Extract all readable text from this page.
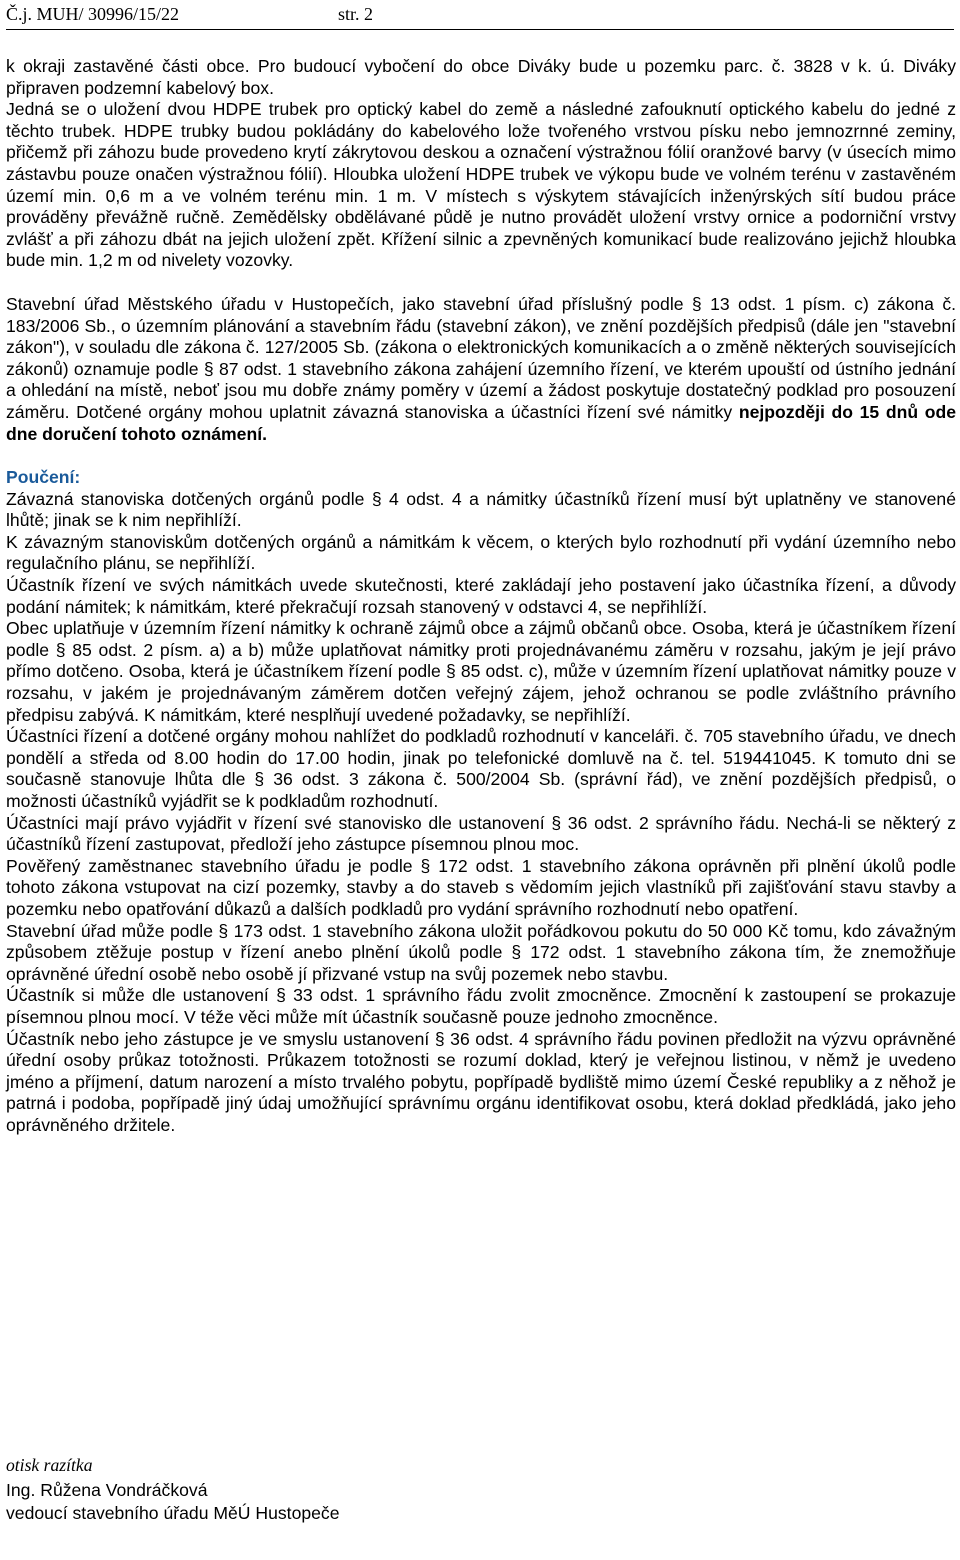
Č.j. MUH/ 30996/15/22	str. 2

k okraji zastavěné části obce. Pro budoucí vybočení do obce Diváky bude u pozemku parc. č. 3828 v k. ú. Diváky připraven podzemní kabelový box.

Jedná se o uložení dvou HDPE trubek pro optický kabel do země a následné zafouknutí optického kabelu do jedné z těchto trubek. HDPE trubky budou pokládány do kabelového lože tvořeného vrstvou písku nebo jemnozrnné zeminy, přičemž při záhozu bude provedeno krytí zákrytovou deskou a označení výstražnou fólií oranžové barvy (v úsecích mimo zástavbu pouze onačen výstražnou fólií). Hloubka uložení HDPE trubek ve výkopu bude ve volném terénu v zastavěném území min. 0,6 m a ve volném terénu min. 1 m. V místech s výskytem stávajících inženýrských sítí budou práce prováděny převážně ručně. Zemědělsky obdělávané půdě je nutno provádět uložení vrstvy ornice a podorniční vrstvy zvlášť a při záhozu dbát na jejich uložení zpět. Křížení silnic a zpevněných komunikací bude realizováno jejichž hloubka bude min. 1,2 m od nivelety vozovky.

Stavební úřad Městského úřadu v Hustopečích, jako stavební úřad příslušný podle § 13 odst. 1 písm. c) zákona č. 183/2006 Sb., o územním plánování a stavebním řádu (stavební zákon), ve znění pozdějších předpisů (dále jen "stavební zákon"), v souladu dle zákona č. 127/2005 Sb. (zákona o elektronických komunikacích a o změně některých souvisejících zákonů) oznamuje podle § 87 odst. 1 stavebního zákona zahájení územního řízení, ve kterém upouští od ústního jednání a ohledání na místě, neboť jsou mu dobře známy poměry v území a žádost poskytuje dostatečný podklad pro posouzení záměru. Dotčené orgány mohou uplatnit závazná stanoviska a účastníci řízení své námitky nejpozději do 15 dnů ode dne doručení tohoto oznámení.

Poučení:

Závazná stanoviska dotčených orgánů podle § 4 odst. 4 a námitky účastníků řízení musí být uplatněny ve stanovené lhůtě; jinak se k nim nepřihlíží.

K závazným stanoviskům dotčených orgánů a námitkám k věcem, o kterých bylo rozhodnutí při vydání územního nebo regulačního plánu, se nepřihlíží.

Účastník řízení ve svých námitkách uvede skutečnosti, které zakládají jeho postavení jako účastníka řízení, a důvody podání námitek; k námitkám, které překračují rozsah stanovený v odstavci 4, se nepřihlíží.

Obec uplatňuje v územním řízení námitky k ochraně zájmů obce a zájmů občanů obce. Osoba, která je účastníkem řízení podle § 85 odst. 2 písm. a) a b) může uplatňovat námitky proti projednávanému záměru v rozsahu, jakým je její právo přímo dotčeno. Osoba, která je účastníkem řízení podle § 85 odst. c), může v územním řízení uplatňovat námitky pouze v rozsahu, v jakém je projednávaným záměrem dotčen veřejný zájem, jehož ochranou se podle zvláštního právního předpisu zabývá. K námitkám, které nesplňují uvedené požadavky, se nepřihlíží.

Účastníci řízení a dotčené orgány mohou nahlížet do podkladů rozhodnutí v kanceláři. č. 705 stavebního úřadu, ve dnech pondělí a středa od 8.00 hodin do 17.00 hodin, jinak po telefonické domluvě na č. tel. 519441045. K tomuto dni se současně stanovuje lhůta dle § 36 odst. 3 zákona č. 500/2004 Sb. (správní řád), ve znění pozdějších předpisů, o možnosti účastníků vyjádřit se k podkladům rozhodnutí.

Účastníci mají právo vyjádřit v řízení své stanovisko dle ustanovení § 36 odst. 2 správního řádu. Nechá-li se některý z účastníků řízení zastupovat, předloží jeho zástupce písemnou plnou moc.

Pověřený zaměstnanec stavebního úřadu je podle § 172 odst. 1 stavebního zákona oprávněn při plnění úkolů podle tohoto zákona vstupovat na cizí pozemky, stavby a do staveb s vědomím jejich vlastníků při zajišťování stavu stavby a pozemku nebo opatřování důkazů a dalších podkladů pro vydání správního rozhodnutí nebo opatření.

Stavební úřad může podle § 173 odst. 1 stavebního zákona uložit pořádkovou pokutu do 50 000 Kč tomu, kdo závažným způsobem ztěžuje postup v řízení anebo plnění úkolů podle § 172 odst. 1 stavebního zákona tím, že znemožňuje oprávněné úřední osobě nebo osobě jí přizvané vstup na svůj pozemek nebo stavbu.

Účastník si může dle ustanovení § 33 odst. 1 správního řádu zvolit zmocněnce. Zmocnění k zastoupení se prokazuje písemnou plnou mocí. V téže věci může mít účastník současně pouze jednoho zmocněnce.

Účastník nebo jeho zástupce je ve smyslu ustanovení § 36 odst. 4 správního řádu povinen předložit na výzvu oprávněné úřední osoby průkaz totožnosti. Průkazem totožnosti se rozumí doklad, který je veřejnou listinou, v němž je uvedeno jméno a příjmení, datum narození a místo trvalého pobytu, popřípadě bydliště mimo území České republiky a z něhož je patrná i podoba, popřípadě jiný údaj umožňující správnímu orgánu identifikovat osobu, která doklad předkládá, jako jeho oprávněného držitele.

otisk razítka
Ing. Růžena Vondráčková
vedoucí stavebního úřadu MěÚ Hustopeče
